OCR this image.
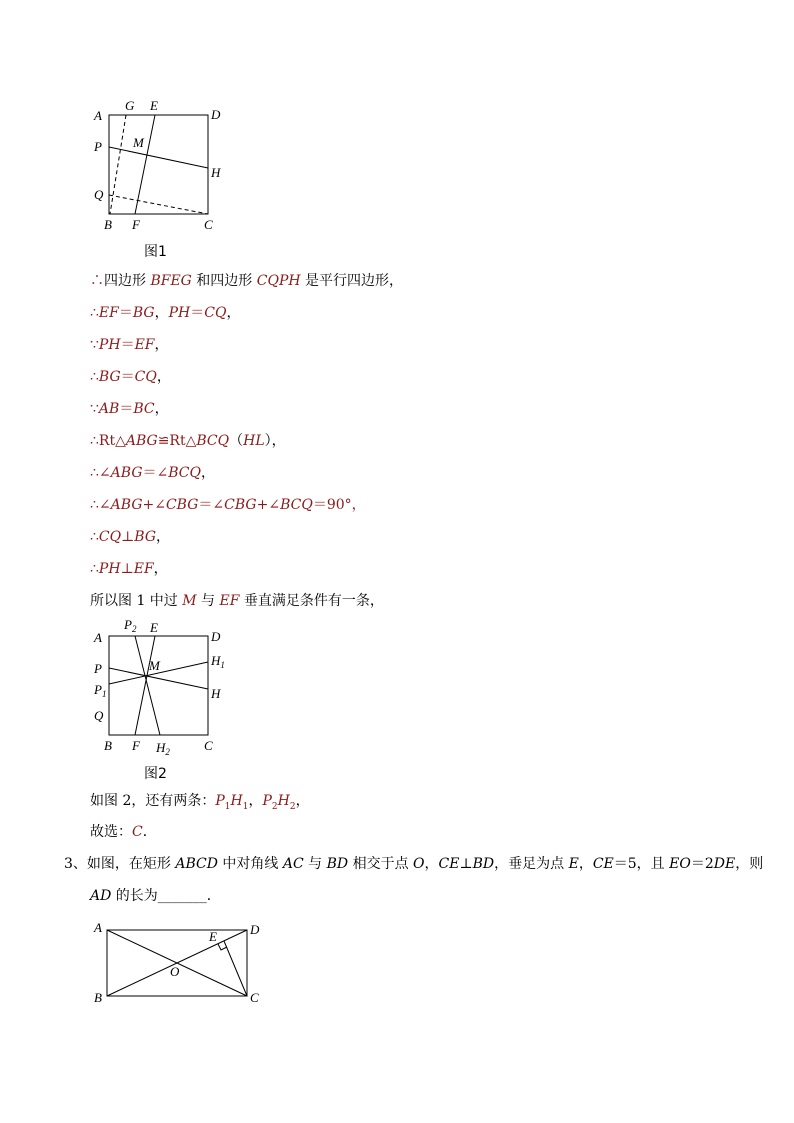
A
G E
D
P M
H
Q
B F	C
图1
∴四边形 BFEG 和四边形 CQPH 是平行四边形，
∴EF＝BG，PH＝CQ，
∵PH＝EF，
∴BG＝CQ，
∵AB＝BC，
∴Rt△ABG≌Rt△BCQ（HL），
∴∠ABG＝∠BCQ，
∴∠ABG+∠CBG＝∠CBG+∠BCQ＝90°，
∴CQ⊥BG，
∴PH⊥EF，
所以图 1 中过 M 与 EF 垂直满足条件有一条，
A
$P_2$ E
D
$H_1$
P	M
$P_1$	H
Q
B F $H_2$	C
图2
如图 2，还有两条：$P_1H_1$，$P_2H_2$，
故选：C．
3、如图，在矩形 ABCD 中对角线 AC 与 BD 相交于点 O，CE⊥BD，垂足为点 E，CE＝5，且 EO＝2DE，则
AD 的长为_______．
A
E	D
O
B	C
